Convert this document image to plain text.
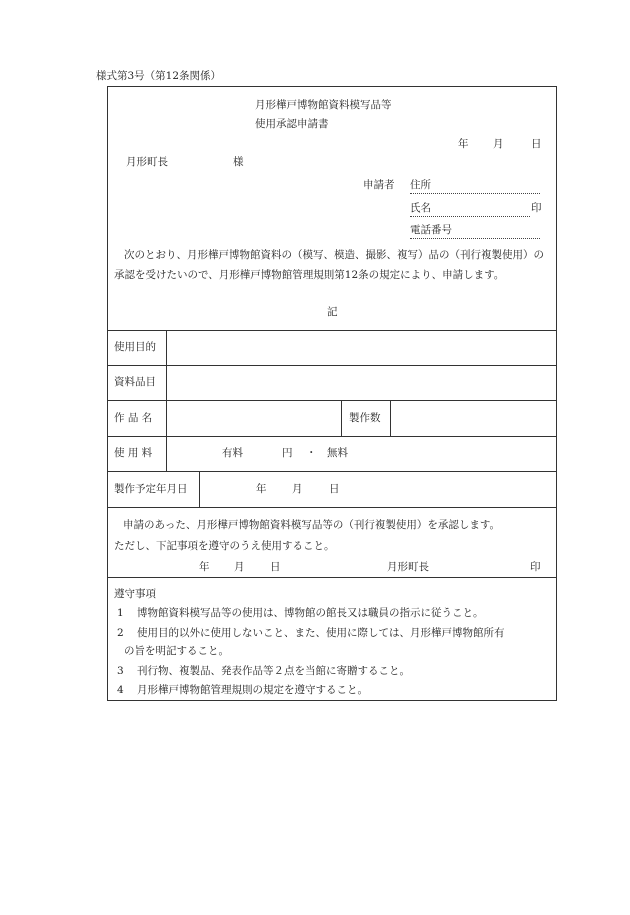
様式第3号（第12条関係）
月形樺戸博物館資料模写品等
使用承認申請書
年 月	日
月形町長	様
申請者 住所
氏名	印
電話番号
次のとおり、月形樺戸博物館資料の（模写、模造、撮影、複写）品の（刊行複製使用）の承認を受けたいので、月形樺戸博物館管理規則第12条の規定により、申請します。
記
使用目的
資料品目
作 品 名	製作数
使 用 料	有料	円 ・ 無料
製作予定年月日	年 月	日
申請のあった、月形樺戸博物館資料模写品等の（刊行複製使用）を承認します。
ただし、下記事項を遵守のうえ使用すること。
年 月 日	月形町長	印
遵守事項
1 博物館資料模写品等の使用は、博物館の館長又は職員の指示に従うこと。
2 使用目的以外に使用しないこと、また、使用に際しては、月形樺戸博物館所有
の旨を明記すること。
3 刊行物、複製品、発表作品等２点を当館に寄贈すること。
4 月形樺戸博物館管理規則の規定を遵守すること。
